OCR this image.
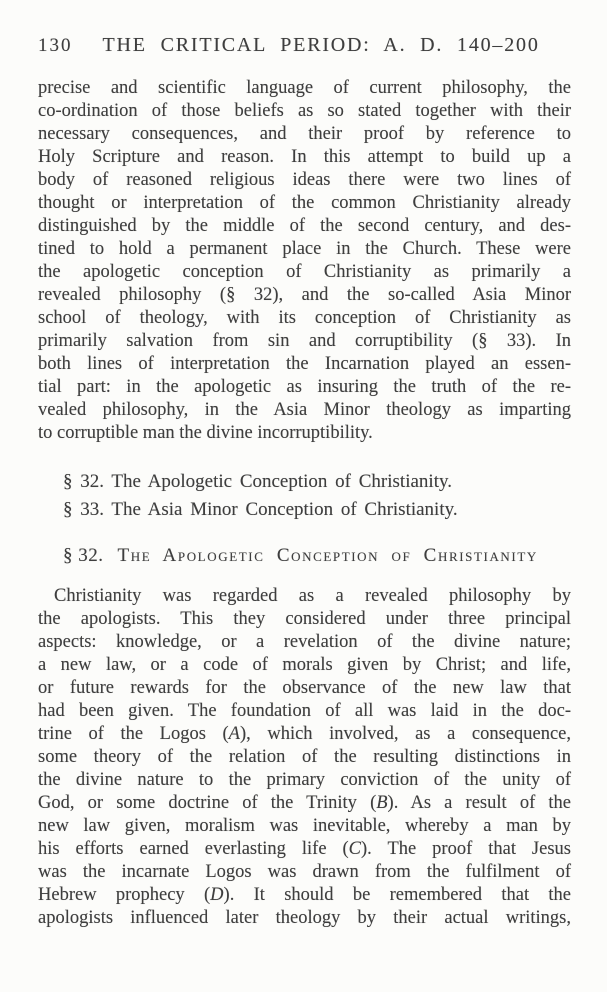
130 THE CRITICAL PERIOD: A. D. 140–200
precise and scientific language of current philosophy, the
co-ordination of those beliefs as so stated together with their
necessary consequences, and their proof by reference to
Holy Scripture and reason. In this attempt to build up a
body of reasoned religious ideas there were two lines of
thought or interpretation of the common Christianity already
distinguished by the middle of the second century, and des-
tined to hold a permanent place in the Church. These were
the apologetic conception of Christianity as primarily a
revealed philosophy (§ 32), and the so-called Asia Minor
school of theology, with its conception of Christianity as
primarily salvation from sin and corruptibility (§ 33). In
both lines of interpretation the Incarnation played an essen-
tial part: in the apologetic as insuring the truth of the re-
vealed philosophy, in the Asia Minor theology as imparting
to corruptible man the divine incorruptibility.
§ 32. The Apologetic Conception of Christianity.
§ 33. The Asia Minor Conception of Christianity.
§ 32. The Apologetic Conception of Christianity
Christianity was regarded as a revealed philosophy by
the apologists. This they considered under three principal
aspects: knowledge, or a revelation of the divine nature;
a new law, or a code of morals given by Christ; and life,
or future rewards for the observance of the new law that
had been given. The foundation of all was laid in the doc-
trine of the Logos (A), which involved, as a consequence,
some theory of the relation of the resulting distinctions in
the divine nature to the primary conviction of the unity of
God, or some doctrine of the Trinity (B). As a result of the
new law given, moralism was inevitable, whereby a man by
his efforts earned everlasting life (C). The proof that Jesus
was the incarnate Logos was drawn from the fulfilment of
Hebrew prophecy (D). It should be remembered that the
apologists influenced later theology by their actual writings,
